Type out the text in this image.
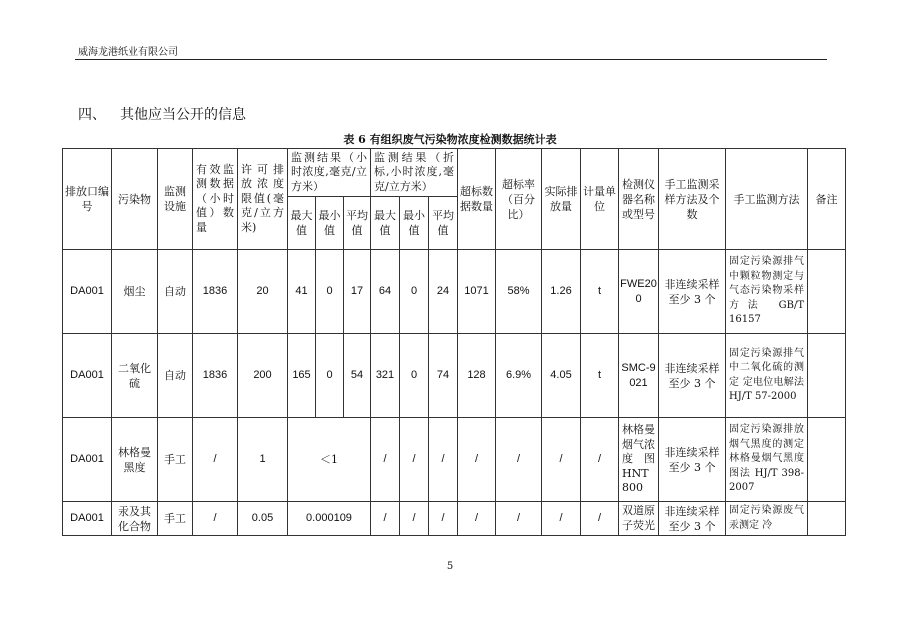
威海龙港纸业有限公司
四、 其他应当公开的信息
表 6 有组织废气污染物浓度检测数据统计表
排放口编号	污染物	监测设施	有效监测数据（小时值）数量	许可排放浓度限值(毫克/立方米)	监测结果（小时浓度,毫克/立方米）			监测结果（折标,小时浓度,毫克/立方米）			超标数据数量	超标率（百分比）	实际排放量	计量单位	检测仪器名称或型号	手工监测采样方法及个数	手工监测方法	备注
					最大值	最小值	平均值	最大值	最小值	平均值								
DA001	烟尘	自动	1836	20	41	0	17	64	0	24	1071	58%	1.26	t	FWE200	非连续采样至少 3 个	固定污染源排气中颗粒物测定与气态污染物采样方法 GB/T 16157	
DA001	二氧化硫	自动	1836	200	165	0	54	321	0	74	128	6.9%	4.05	t	SMC-9021	非连续采样至少 3 个	固定污染源排气中二氧化硫的测定 定电位电解法 HJ/T 57-2000	
DA001	林格曼黑度	手工	/	1	＜1			/	/	/	/	/	/	/	林格曼烟气浓度图 HNT800	非连续采样至少 3 个	固定污染源排放烟气黑度的测定林格曼烟气黑度图法 HJ/T 398-2007	
DA001	汞及其化合物	手工	/	0.05	0.000109			/	/	/	/	/	/	/	双道原子荧光	非连续采样至少 3 个	固定污染源废气汞测定 冷	
5
